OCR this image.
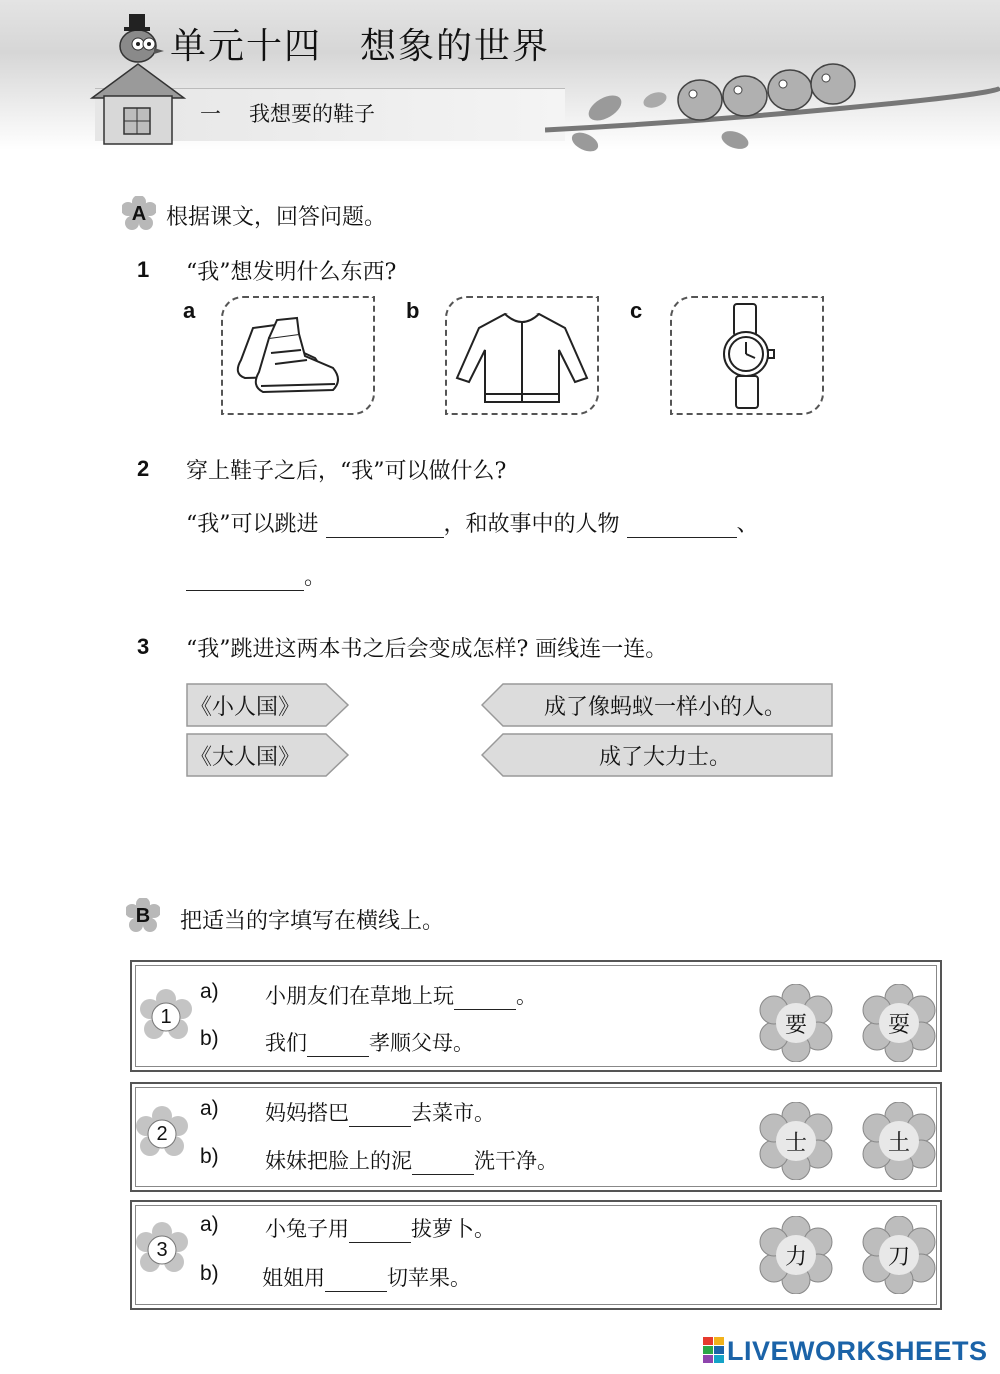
单元十四　想象的世界
一 我想要的鞋子
A 根据课文，回答问题。
1 “我”想发明什么东西?
a	b	c
2 穿上鞋子之后，“我”可以做什么?
“我”可以跳进	，和故事中的人物	、
。
3 “我”跳进这两本书之后会变成怎样? 画线连一连。
《小人国》
《大人国》
成了像蚂蚁一样小的人。
成了大力士。
B 把适当的字填写在横线上。
1
a) 小朋友们在草地上玩	。
b) 我们	孝顺父母。
要	耍
2
a) 妈妈搭巴	去菜市。
b) 妹妹把脸上的泥	洗干净。
士	土
3
a) 小兔子用	拔萝卜。
b) 姐姐用	切苹果。
力	刀
LIVEWORKSHEETS
